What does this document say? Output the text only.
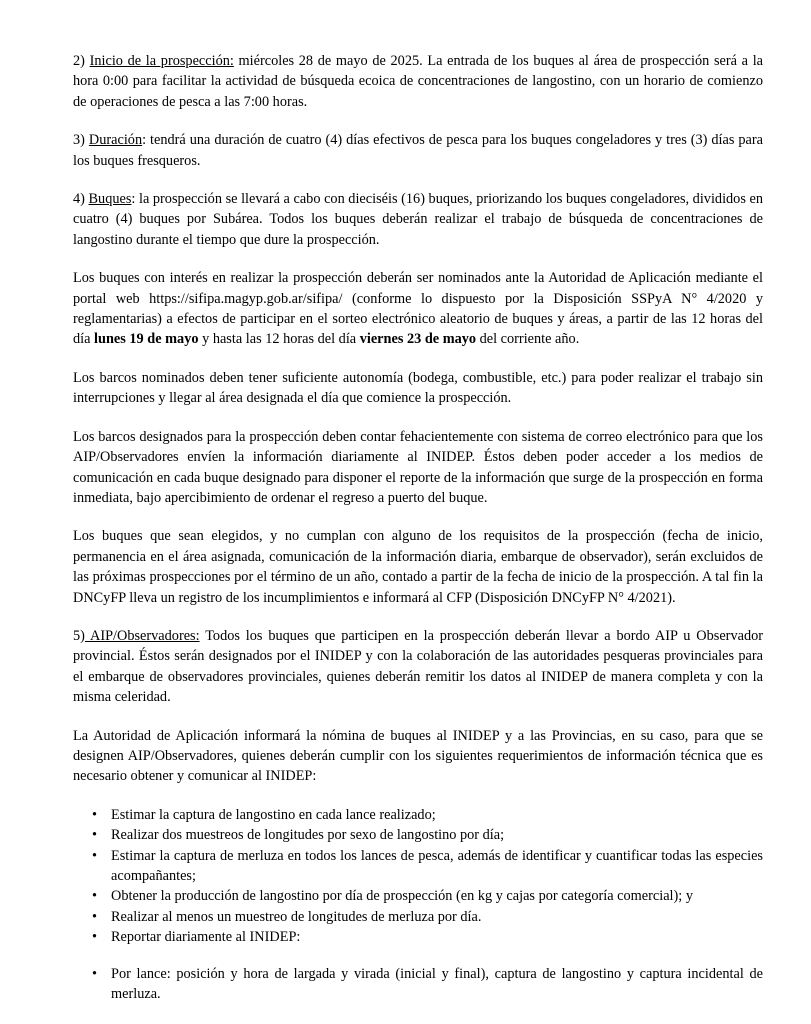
2) Inicio de la prospección: miércoles 28 de mayo de 2025. La entrada de los buques al área de prospección será a la hora 0:00 para facilitar la actividad de búsqueda ecoica de concentraciones de langostino, con un horario de comienzo de operaciones de pesca a las 7:00 horas.

3) Duración: tendrá una duración de cuatro (4) días efectivos de pesca para los buques congeladores y tres (3) días para los buques fresqueros.

4) Buques: la prospección se llevará a cabo con dieciséis (16) buques, priorizando los buques congeladores, divididos en cuatro (4) buques por Subárea. Todos los buques deberán realizar el trabajo de búsqueda de concentraciones de langostino durante el tiempo que dure la prospección.

Los buques con interés en realizar la prospección deberán ser nominados ante la Autoridad de Aplicación mediante el portal web https://sifipa.magyp.gob.ar/sifipa/ (conforme lo dispuesto por la Disposición SSPyA N° 4/2020 y reglamentarias) a efectos de participar en el sorteo electrónico aleatorio de buques y áreas, a partir de las 12 horas del día lunes 19 de mayo y hasta las 12 horas del día viernes 23 de mayo del corriente año.

Los barcos nominados deben tener suficiente autonomía (bodega, combustible, etc.) para poder realizar el trabajo sin interrupciones y llegar al área designada el día que comience la prospección.

Los barcos designados para la prospección deben contar fehacientemente con sistema de correo electrónico para que los AIP/Observadores envíen la información diariamente al INIDEP. Éstos deben poder acceder a los medios de comunicación en cada buque designado para disponer el reporte de la información que surge de la prospección en forma inmediata, bajo apercibimiento de ordenar el regreso a puerto del buque.

Los buques que sean elegidos, y no cumplan con alguno de los requisitos de la prospección (fecha de inicio, permanencia en el área asignada, comunicación de la información diaria, embarque de observador), serán excluidos de las próximas prospecciones por el término de un año, contado a partir de la fecha de inicio de la prospección. A tal fin la DNCyFP lleva un registro de los incumplimientos e informará al CFP (Disposición DNCyFP N° 4/2021).

5) AIP/Observadores: Todos los buques que participen en la prospección deberán llevar a bordo AIP u Observador provincial. Éstos serán designados por el INIDEP y con la colaboración de las autoridades pesqueras provinciales para el embarque de observadores provinciales, quienes deberán remitir los datos al INIDEP de manera completa y con la misma celeridad.

La Autoridad de Aplicación informará la nómina de buques al INIDEP y a las Provincias, en su caso, para que se designen AIP/Observadores, quienes deberán cumplir con los siguientes requerimientos de información técnica que es necesario obtener y comunicar al INIDEP:

• Estimar la captura de langostino en cada lance realizado;
• Realizar dos muestreos de longitudes por sexo de langostino por día;
• Estimar la captura de merluza en todos los lances de pesca, además de identificar y cuantificar todas las especies acompañantes;
• Obtener la producción de langostino por día de prospección (en kg y cajas por categoría comercial); y
• Realizar al menos un muestreo de longitudes de merluza por día.
• Reportar diariamente al INIDEP:
• Por lance: posición y hora de largada y virada (inicial y final), captura de langostino y captura incidental de merluza.
